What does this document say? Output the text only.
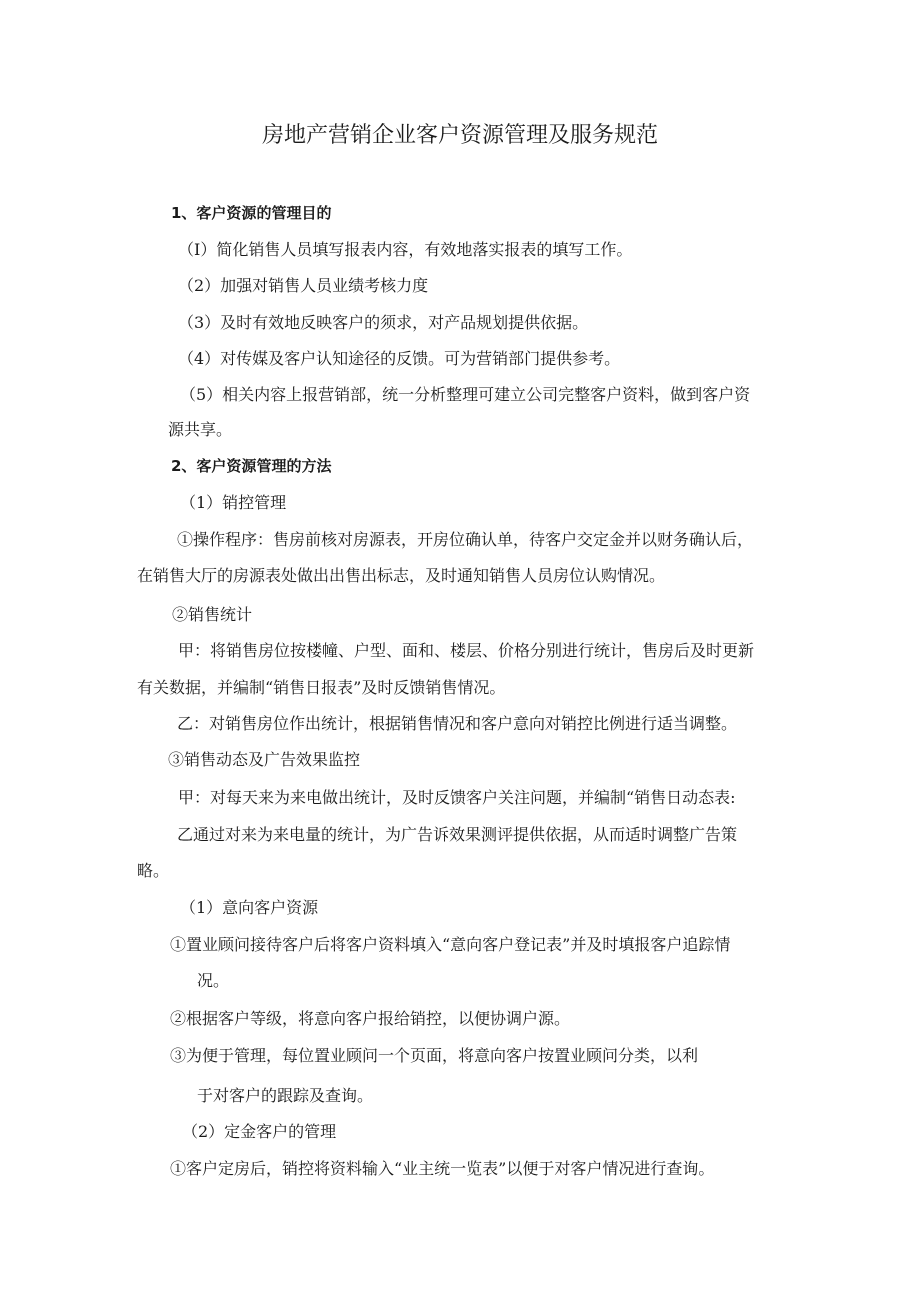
房地产营销企业客户资源管理及服务规范
1、客户资源的管理目的
（I）简化销售人员填写报表内容，有效地落实报表的填写工作。
（2）加强对销售人员业绩考核力度
（3）及时有效地反映客户的须求，对产品规划提供依据。
（4）对传媒及客户认知途径的反馈。可为营销部门提供参考。
（5）相关内容上报营销部，统一分析整理可建立公司完整客户资料，做到客户资
源共享。
2、客户资源管理的方法
（1）销控管理
①操作程序：售房前核对房源表，开房位确认单，待客户交定金并以财务确认后，
在销售大厅的房源表处做出出售出标志，及时通知销售人员房位认购情况。
②销售统计
甲：将销售房位按楼幢、户型、面和、楼层、价格分别进行统计，售房后及时更新
有关数据，并编制“销售日报表”及时反馈销售情况。
乙：对销售房位作出统计，根据销售情况和客户意向对销控比例进行适当调整。
③销售动态及广告效果监控
甲：对每天来为来电做出统计，及时反馈客户关注问题，并编制“销售日动态表:
乙通过对来为来电量的统计，为广告诉效果测评提供依据，从而适时调整广告策
略。
（1）意向客户资源
①置业顾问接待客户后将客户资料填入“意向客户登记表”并及时填报客户追踪情
况。
②根据客户等级，将意向客户报给销控，以便协调户源。
③为便于管理，每位置业顾问一个页面，将意向客户按置业顾问分类，以利
于对客户的跟踪及查询。
（2）定金客户的管理
①客户定房后，销控将资料输入“业主统一览表”以便于对客户情况进行查询。
